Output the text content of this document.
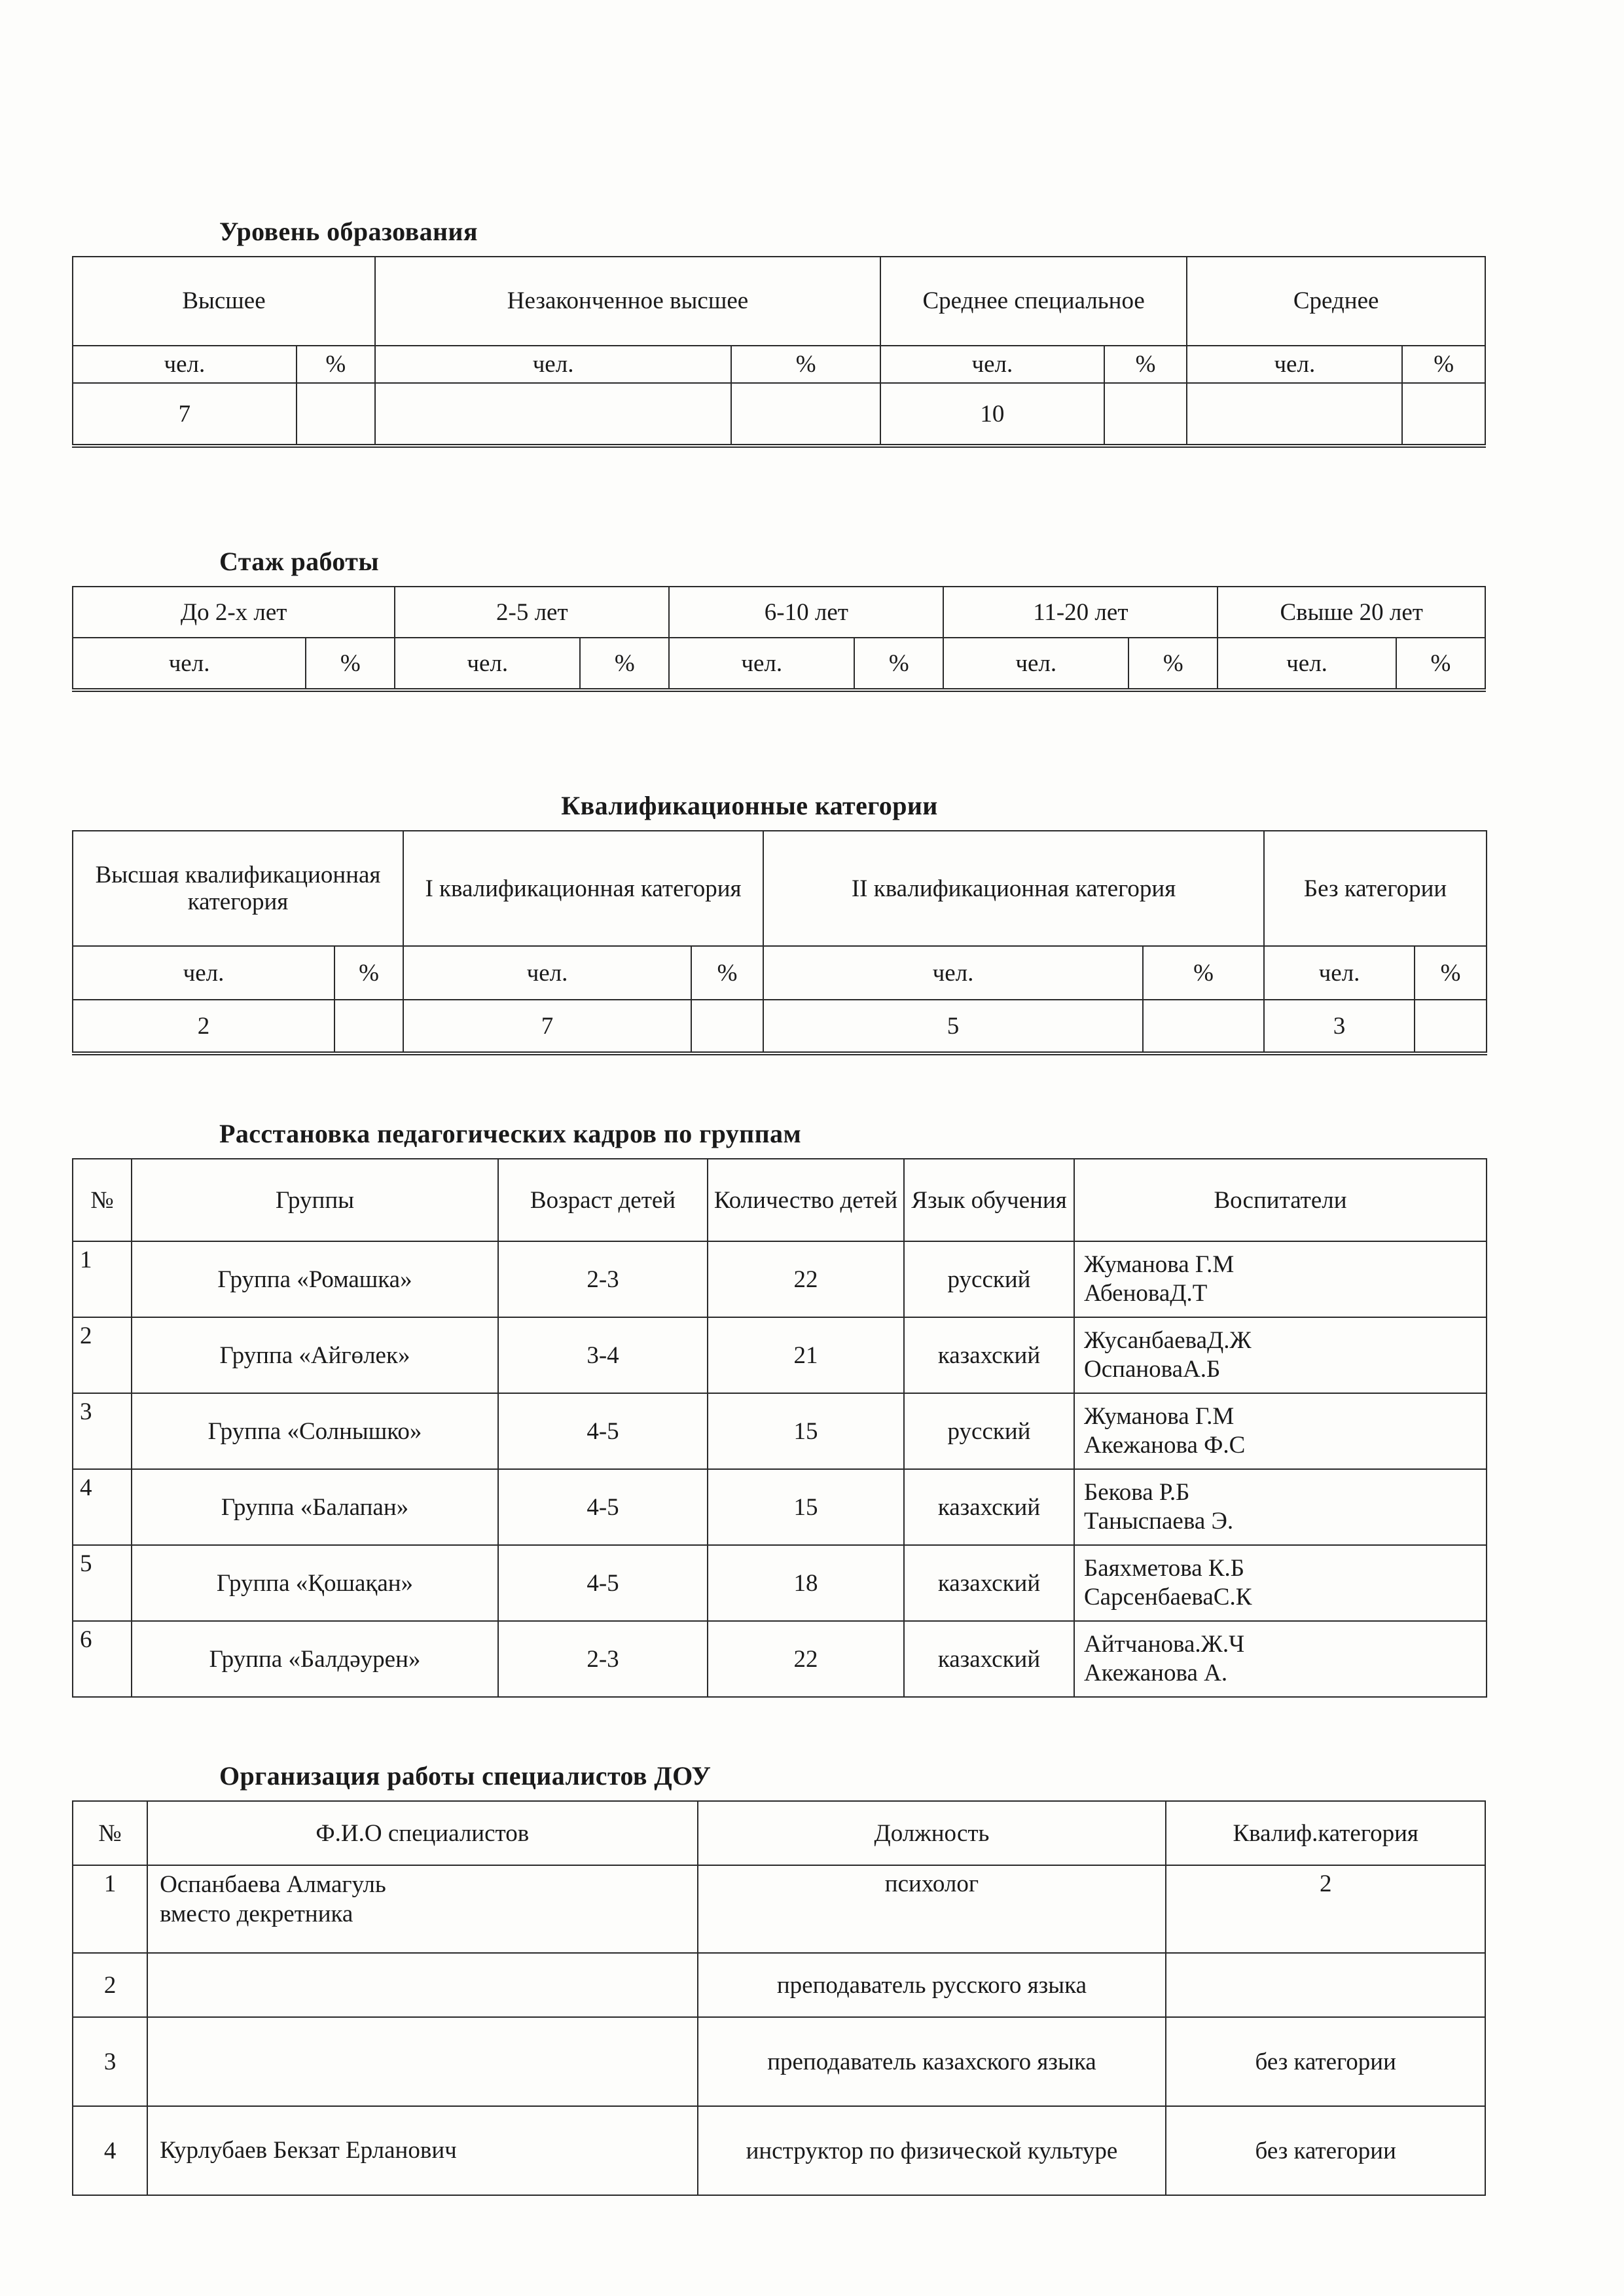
Уровень образования
Высшее		Незаконченное высшее		Среднее специальное		Среднее	
чел.	%	чел.	%	чел.	%	чел.	%
7				10			
Стаж работы
До 2-х лет		2-5 лет		6-10 лет		11-20 лет		Свыше 20 лет	
чел.	%	чел.	%	чел.	%	чел.	%	чел.	%
Квалификационные категории
Высшая квалификационная категория		I квалификационная категория		II квалификационная категория		Без категории	
чел.	%	чел.	%	чел.	%	чел.	%
2		7		5		3	
Расстановка педагогических кадров по группам
№	Группы	Возраст детей	Количество детей	Язык обучения	Воспитатели
1	Группа «Ромашка»	2-3	22	русский	Жуманова Г.М
АбеноваД.Т

2	Группа «Айгөлек»	3-4	21	казахский	ЖусанбаеваД.Ж
ОспановаА.Б

3	Группа «Солнышко»	4-5	15	русский	Жуманова Г.М
Акежанова Ф.С

4	Группа «Балапан»	4-5	15	казахский	Бекова Р.Б
Таныспаева Э.

5	Группа «Қошақан»	4-5	18	казахский	Баяхметова К.Б
СарсенбаеваС.К

6	Группа «Балдәурен»	2-3	22	казахский	Айтчанова.Ж.Ч
Акежанова А.
Организация работы специалистов ДОУ
№	Ф.И.О специалистов	Должность	Квалиф.категория
1	Оспанбаева Алмагуль
вместо декретника	психолог	2
2		преподаватель русского языка	
3		преподаватель казахского языка	без категории
4	Курлубаев Бекзат Ерланович	инструктор по физической культуре	без категории
